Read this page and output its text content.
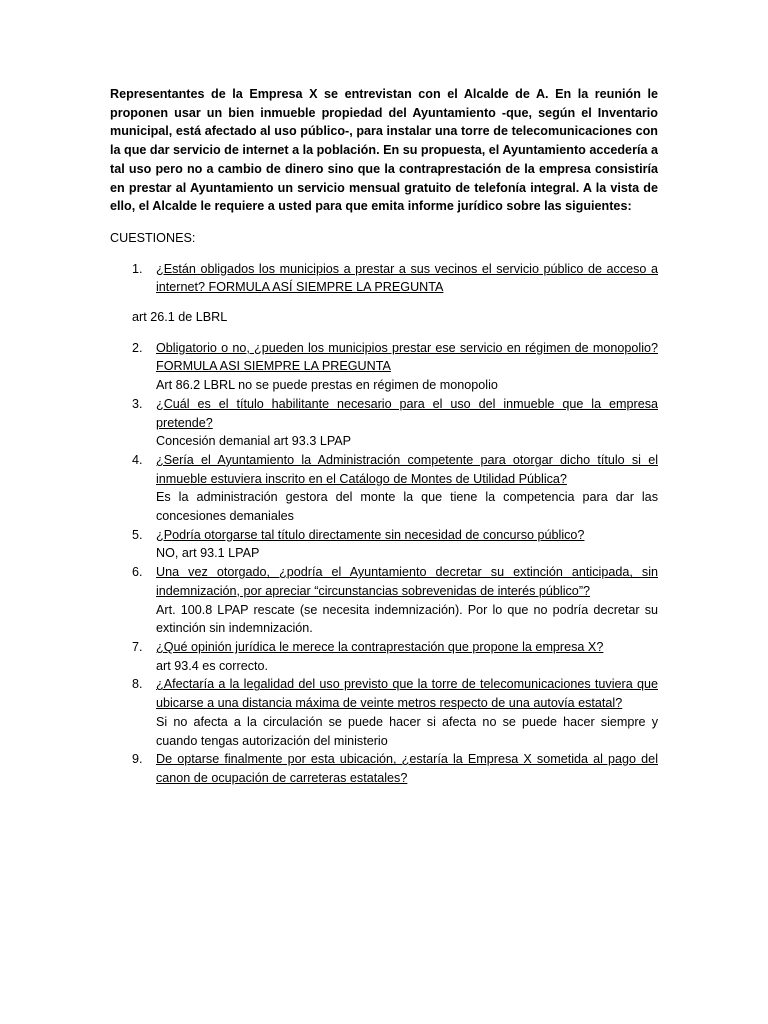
Representantes de la Empresa X se entrevistan con el Alcalde de A. En la reunión le proponen usar un bien inmueble propiedad del Ayuntamiento -que, según el Inventario municipal, está afectado al uso público-, para instalar una torre de telecomunicaciones con la que dar servicio de internet a la población. En su propuesta, el Ayuntamiento accedería a tal uso pero no a cambio de dinero sino que la contraprestación de la empresa consistiría en prestar al Ayuntamiento un servicio mensual gratuito de telefonía integral. A la vista de ello, el Alcalde le requiere a usted para que emita informe jurídico sobre las siguientes:

CUESTIONES:

1.	¿Están obligados los municipios a prestar a sus vecinos el servicio público de acceso a internet? FORMULA ASÍ SIEMPRE LA PREGUNTA

art 26.1 de LBRL

2.	Obligatorio o no, ¿pueden los municipios prestar ese servicio en régimen de monopolio? FORMULA ASI SIEMPRE LA PREGUNTA
Art 86.2 LBRL no se puede prestas en régimen de monopolio
3.	¿Cuál es el título habilitante necesario para el uso del inmueble que la empresa pretende?
Concesión demanial art 93.3 LPAP
4.	¿Sería el Ayuntamiento la Administración competente para otorgar dicho título si el inmueble estuviera inscrito en el Catálogo de Montes de Utilidad Pública?
Es la administración gestora del monte la que tiene la competencia para dar las concesiones demaniales
5.	¿Podría otorgarse tal título directamente sin necesidad de concurso público?
NO, art 93.1 LPAP
6.	Una vez otorgado, ¿podría el Ayuntamiento decretar su extinción anticipada, sin indemnización, por apreciar “circunstancias sobrevenidas de interés público”?
Art. 100.8 LPAP rescate (se necesita indemnización). Por lo que no podría decretar su extinción sin indemnización.
7.	¿Qué opinión jurídica le merece la contraprestación que propone la empresa X?
art 93.4 es correcto.
8.	¿Afectaría a la legalidad del uso previsto que la torre de telecomunicaciones tuviera que ubicarse a una distancia máxima de veinte metros respecto de una autovía estatal?
Si no afecta a la circulación se puede hacer si afecta no se puede hacer siempre y cuando tengas autorización del ministerio
9.	De optarse finalmente por esta ubicación, ¿estaría la Empresa X sometida al pago del canon de ocupación de carreteras estatales?
